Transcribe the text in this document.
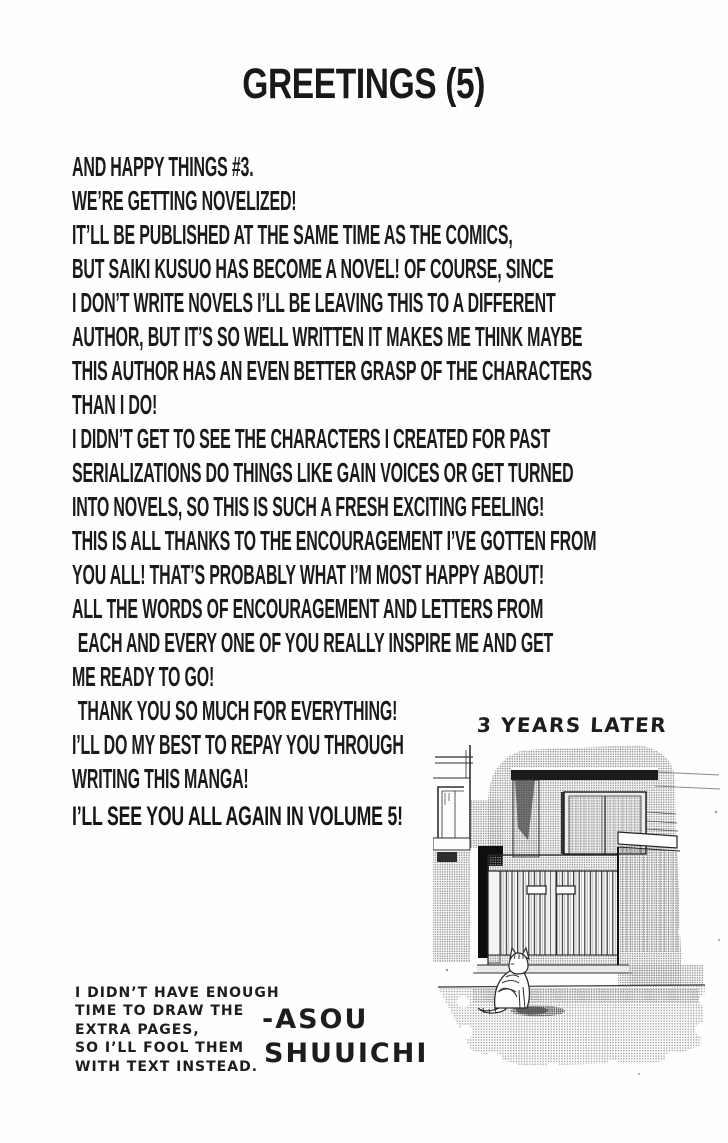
GREETINGS (5)
AND HAPPY THINGS #3.
WE’RE GETTING NOVELIZED!
IT’LL BE PUBLISHED AT THE SAME TIME AS THE COMICS,
BUT SAIKI KUSUO HAS BECOME A NOVEL! OF COURSE, SINCE
I DON’T WRITE NOVELS I’LL BE LEAVING THIS TO A DIFFERENT
AUTHOR, BUT IT’S SO WELL WRITTEN IT MAKES ME THINK MAYBE
THIS AUTHOR HAS AN EVEN BETTER GRASP OF THE CHARACTERS
THAN I DO!
I DIDN’T GET TO SEE THE CHARACTERS I CREATED FOR PAST
SERIALIZATIONS DO THINGS LIKE GAIN VOICES OR GET TURNED
INTO NOVELS, SO THIS IS SUCH A FRESH EXCITING FEELING!
THIS IS ALL THANKS TO THE ENCOURAGEMENT I’VE GOTTEN FROM
YOU ALL! THAT’S PROBABLY WHAT I’M MOST HAPPY ABOUT!
ALL THE WORDS OF ENCOURAGEMENT AND LETTERS FROM
EACH AND EVERY ONE OF YOU REALLY INSPIRE ME AND GET
ME READY TO GO!
THANK YOU SO MUCH FOR EVERYTHING!
I’LL DO MY BEST TO REPAY YOU THROUGH
WRITING THIS MANGA!
I’LL SEE YOU ALL AGAIN IN VOLUME 5!
3 YEARS LATER
I DIDN’T HAVE ENOUGH
TIME TO DRAW THE
EXTRA PAGES,
SO I’LL FOOL THEM
WITH TEXT INSTEAD.
-ASOU
SHUUICHI
